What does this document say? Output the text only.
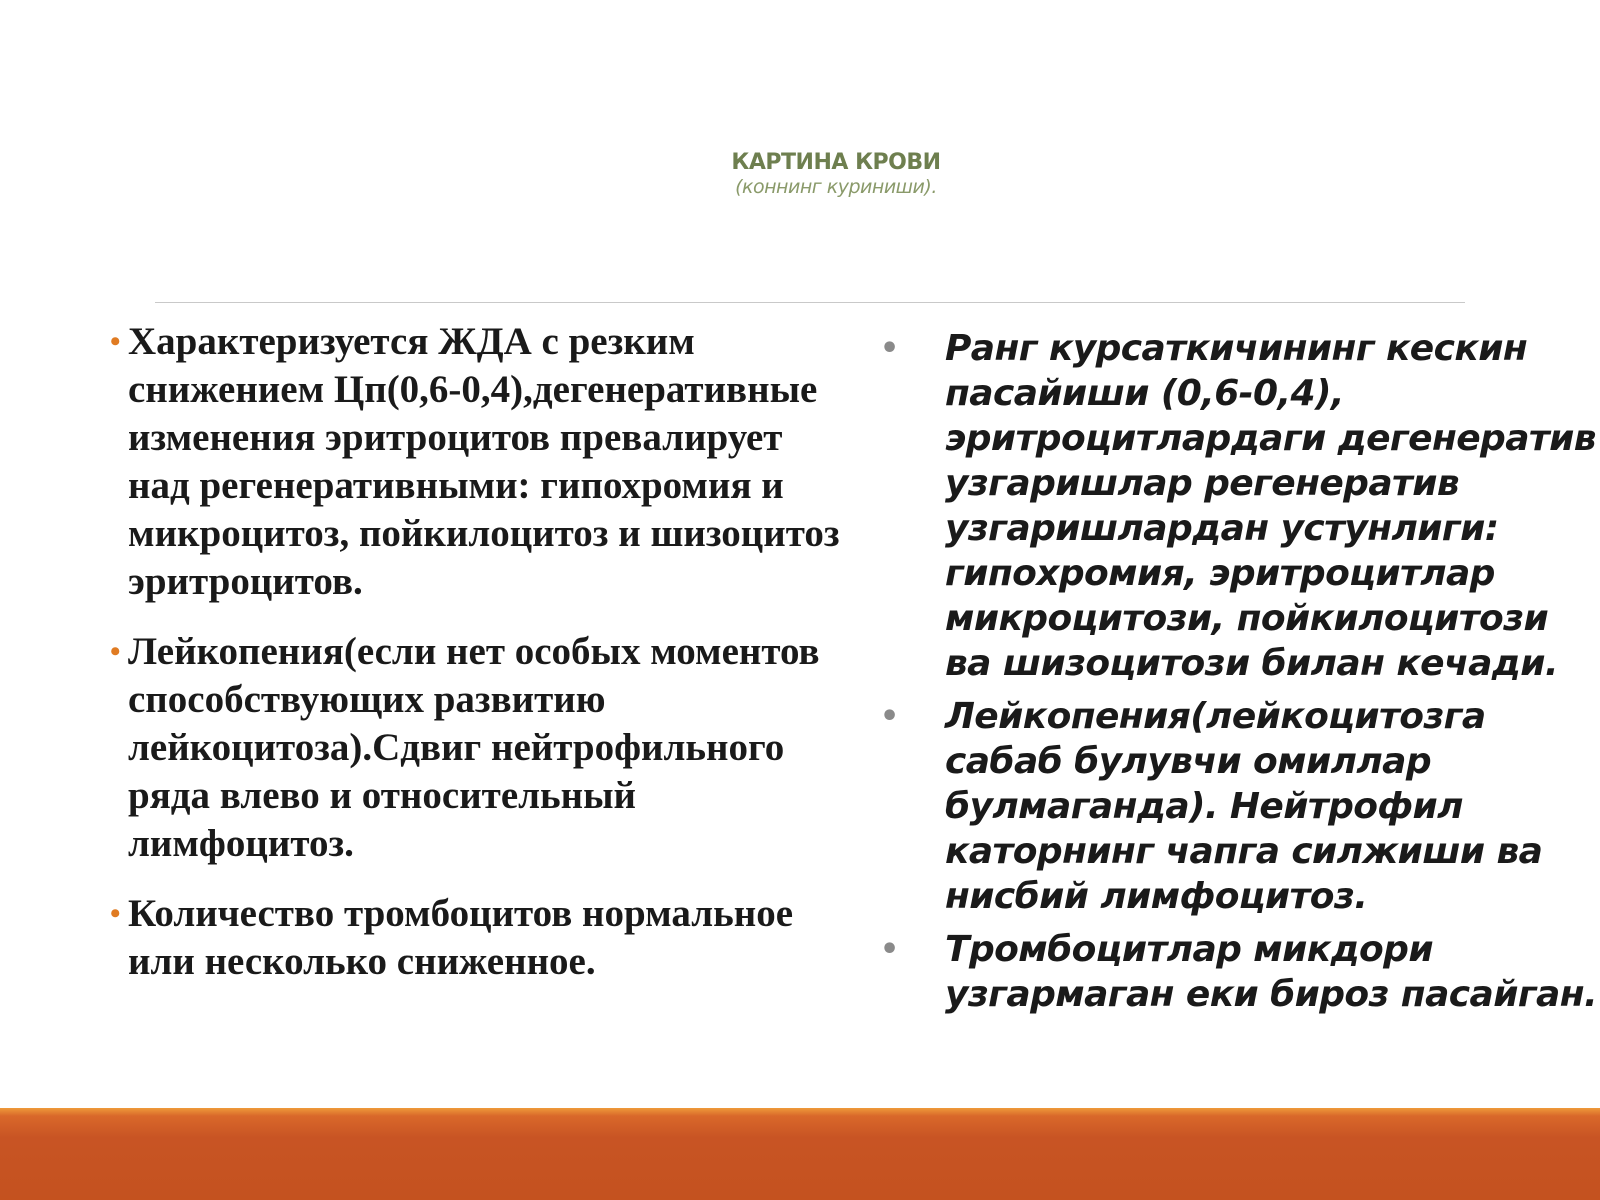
КАРТИНА КРОВИ
(коннинг куриниши).
• Характеризуется ЖДА с резким снижением Цп(0,6-0,4),дегенеративные изменения эритроцитов превалирует над регенеративными: гипохромия и микроцитоз, пойкилоцитоз и шизоцитоз эритроцитов.
• Лейкопения(если нет особых моментов способствующих развитию лейкоцитоза).Сдвиг нейтрофильного ряда влево и относительный лимфоцитоз.
• Количество тромбоцитов нормальное или несколько сниженное.
• Ранг курсаткичининг кескин пасайиши (0,6-0,4), эритроцитлардаги дегенератив узгаришлар регенератив узгаришлардан устунлиги: гипохромия, эритроцитлар микроцитози, пойкилоцитози ва шизоцитози билан кечади.
• Лейкопения(лейкоцитозга сабаб булувчи омиллар булмаганда). Нейтрофил каторнинг чапга силжиши ва нисбий лимфоцитоз.
• Тромбоцитлар микдори узгармаган еки бироз пасайган.
